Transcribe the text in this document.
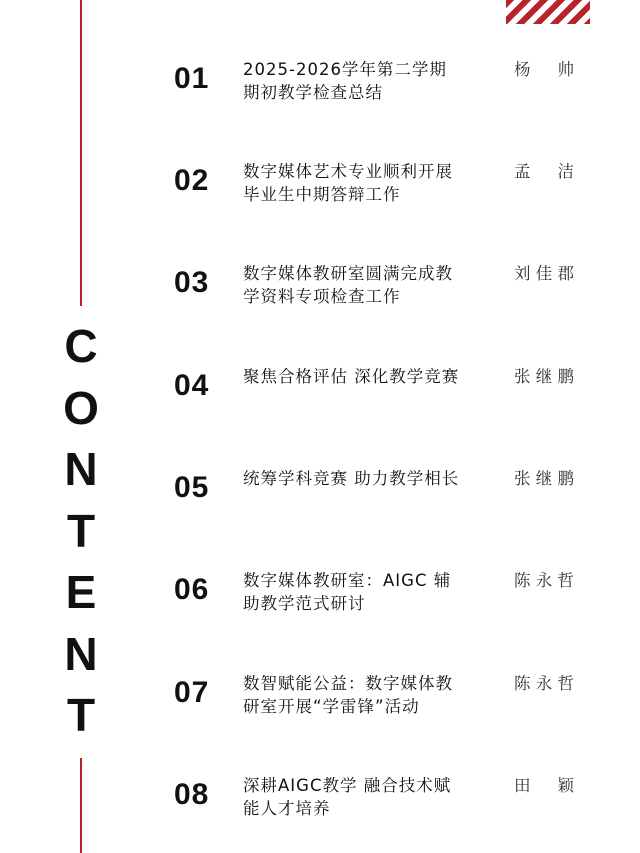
C
O
N
T
E
N
T
01 2025-2026学年第二学期
期初教学检查总结
杨 帅
02 数字媒体艺术专业顺利开展
毕业生中期答辩工作
孟 洁
03 数字媒体教研室圆满完成教
学资料专项检查工作
刘佳郡
04 聚焦合格评估 深化教学竞赛	张继鹏
05 统筹学科竞赛 助力教学相长	张继鹏
06 数字媒体教研室：AIGC 辅
助教学范式研讨
陈永哲
07 数智赋能公益：数字媒体教
研室开展“学雷锋”活动
陈永哲
08 深耕AIGC教学 融合技术赋
能人才培养
田 颖
